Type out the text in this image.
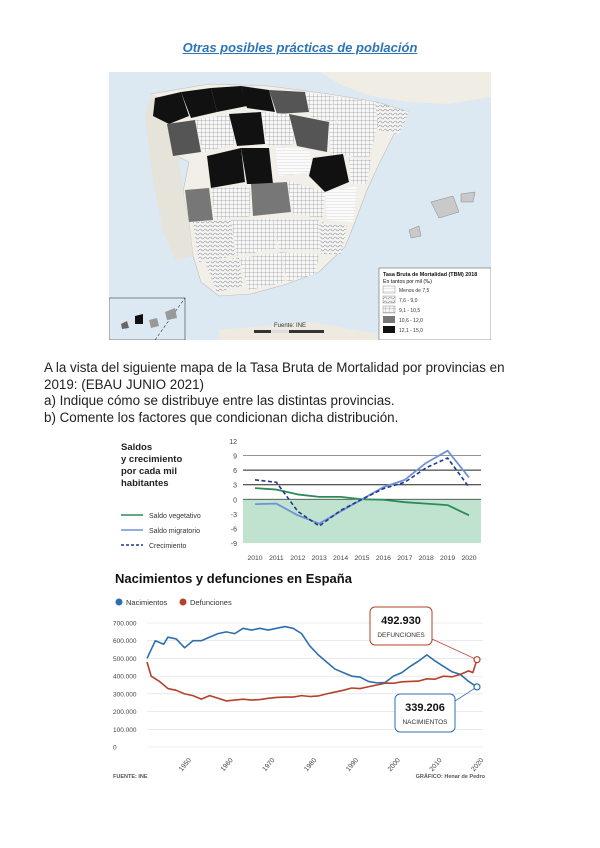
Otras posibles prácticas de población
Fuente: INE
Tasa Bruta de Mortalidad (TBM) 2018
En tantos por mil (‰)
Menos de 7,5
7,6 - 9,0
9,1 - 10,5
10,6 - 12,0
12,1 - 15,0
A la vista del siguiente mapa de la Tasa Bruta de Mortalidad por provincias en
2019: (EBAU JUNIO 2021)
a) Indique cómo se distribuye entre las distintas provincias.
b) Comente los factores que condicionan dicha distribución.
Saldos
y crecimiento
por cada mil
habitantes
Saldo vegetativo
Saldo migratorio
Crecimiento
12
9
6
3
0
-3
-6
-9
2010 2011 2012 2013 2014 2015 2016 2017 2018 2019 2020
Nacimientos y defunciones en España
Nacimientos	Defunciones
700.000
600.000
500.000
400.000
300.000
200.000
100.000
0
1950	1960	1970	1980	1990	2000	2010	2020
492.930
DEFUNCIONES
339.206
NACIMIENTOS
FUENTE: INE	GRÁFICO: Henar de Pedro
